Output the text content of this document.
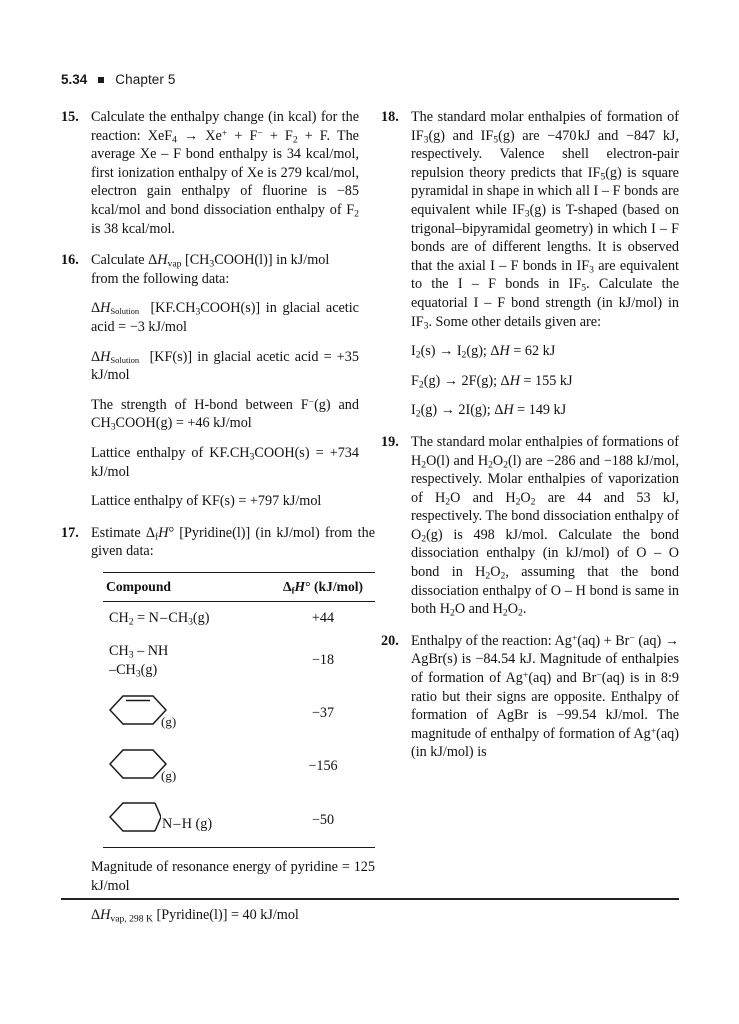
5.34 Chapter 5
15. Calculate the enthalpy change (in kcal) for the reaction: $XeF_4 \to Xe^+ + F^- + F_2 + F$. The average Xe – F bond enthalpy is 34 kcal/mol, first ionization enthalpy of Xe is 279 kcal/mol, electron gain enthalpy of fluorine is −85 kcal/mol and bond dissociation enthalpy of $F_2$ is 38 kcal/​mol.

16. Calculate $\Delta H_{vap}$ $[CH_3COOH(l)]$ in kJ/mol from the following data:

ΔHSolution  $[KF.CH_3COOH(s)]$ in glacial acetic acid = −3 kJ/mol

ΔHSolution  [KF(s)] in glacial acetic acid = +35 kJ/mol

The strength of H-bond between F−(g) and $CH_3COOH(g) = +46$ kJ/mol

Lattice enthalpy of $KF.CH_3COOH(s) = +734$ kJ/mol

Lattice enthalpy of KF(s) = +797 kJ/mol

17. Estimate $\Delta_fH^\circ$ [Pyridine(l)] (in kJ/mol) from the given data:

Compound	$\Delta_fH^\circ$ (kJ/mol)
$CH_2 = N$ – $CH_3(g)$	+44
$CH_3$ – NH
$-CH_3(g)$	−18

(g)	−37

(g)	−156

N – H (g)	−50

Magnitude of resonance energy of pyridine = 125 kJ/mol

$\Delta H_{vap, 298 K}$ [Pyridine(l)] = 40 kJ/mol

18. The standard molar enthalpies of formation of $IF_3(g)$ and $IF_5(g)$ are −470 kJ and −847 kJ, respectively. Valence shell electron-pair repulsion theory predicts that $IF_5(g)$ is square pyramidal in shape in which all I – F bonds are equivalent while $IF_3(g)$ is T-shaped (based on trigonal–bipyramidal geometry) in which I – F bonds are of different lengths. It is observed that the axial I – F bonds in $IF_3$ are equivalent to the I – F bonds in $IF_5$. Calculate the equatorial I – F bond strength (in kJ/mol) in $IF_3$. Some other details given are:

$I_2(s) \to I_2(g)$; ΔH = 62 kJ

$F_2(g) \to 2F(g)$; ΔH = 155 kJ

$I_2(g) \to 2I(g)$; ΔH = 149 kJ

19. The standard molar enthalpies of formations of $H_2O(l)$ and $H_2O_2(l)$ are −286 and −188 kJ/mol, respectively. Molar enthalpies of vaporization of $H_2O$ and $H_2O_2$ are 44 and 53 kJ, respectively. The bond dissociation enthalpy of $O_2(g)$ is 498 kJ/mol. Calculate the bond dissociation enthalpy (in kJ/mol) of O – O bond in $H_2O_2$, assuming that the bond dissociation enthalpy of O – H bond is same in both $H_2O$ and $H_2O_2$.

20. Enthalpy of the reaction: Ag+(aq) + Br− (aq) → AgBr(s) is −84.54 kJ. Magnitude of enthalpies of formation of Ag+(aq) and Br−(aq) is in 8:9 ratio but their signs are opposite. Enthalpy of formation of AgBr is −99.54 kJ/mol. The magnitude of enthalpy of formation of Ag+(aq) (in kJ/mol) is
